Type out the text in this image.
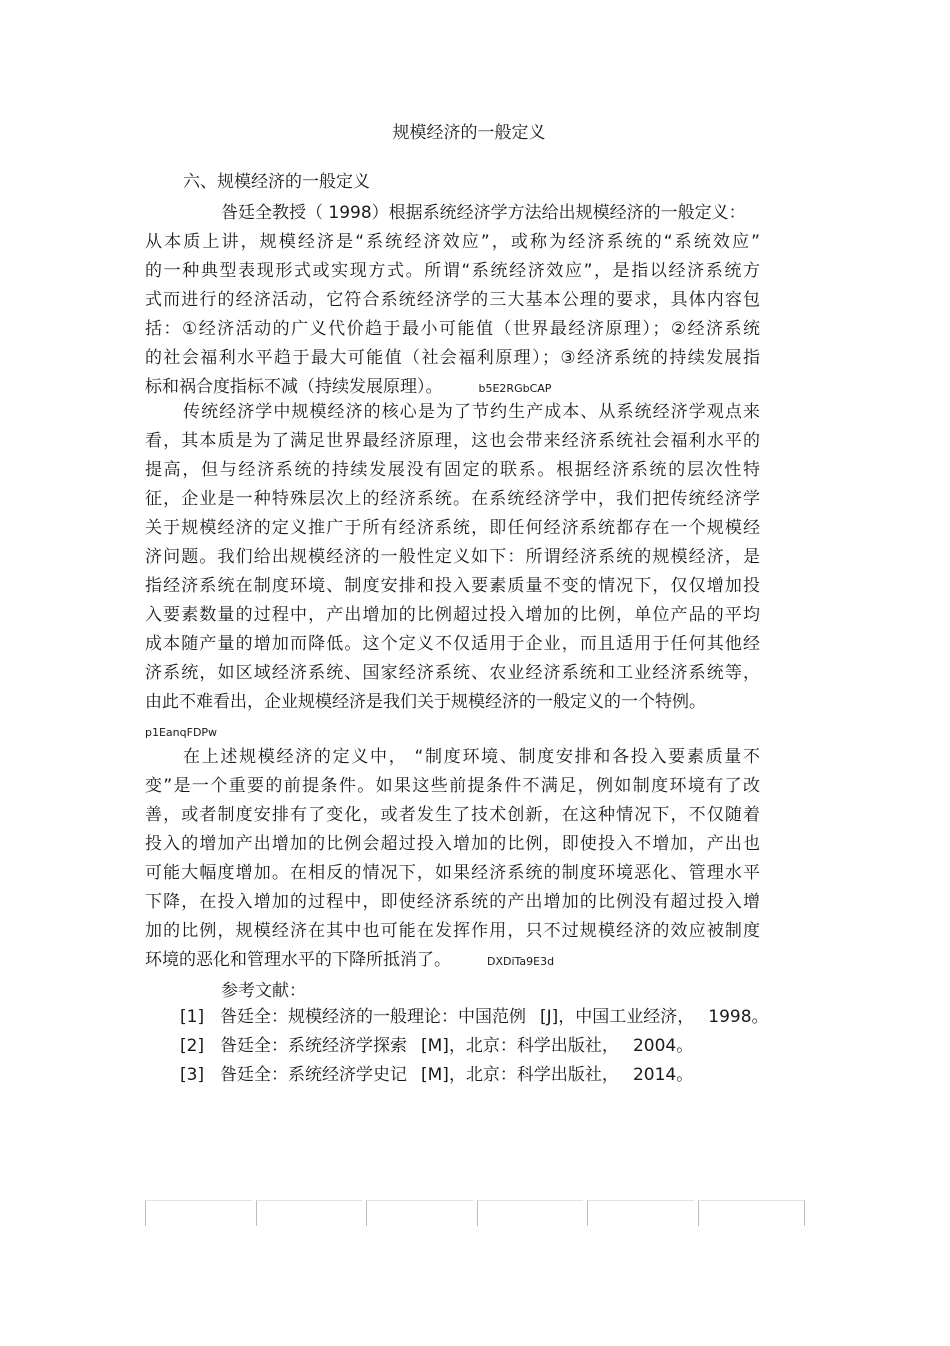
规模经济的一般定义
六、规模经济的一般定义
昝廷全教授（ 1998）根据系统经济学方法给出规模经济的一般定义：
从本质上讲，规模经济是“系统经济效应”，或称为经济系统的“系统效应”
的一种典型表现形式或实现方式。所谓“系统经济效应”，是指以经济系统方
式而进行的经济活动，它符合系统经济学的三大基本公理的要求，具体内容包
括：①经济活动的广义代价趋于最小可能值（世界最经济原理）；②经济系统
的社会福利水平趋于最大可能值（社会福利原理）；③经济系统的持续发展指
标和祸合度指标不减（持续发展原理）。	b5E2RGbCAP
传统经济学中规模经济的核心是为了节约生产成本、从系统经济学观点来
看，其本质是为了满足世界最经济原理，这也会带来经济系统社会福利水平的
提高，但与经济系统的持续发展没有固定的联系。根据经济系统的层次性特
征，企业是一种特殊层次上的经济系统。在系统经济学中，我们把传统经济学
关于规模经济的定义推广于所有经济系统，即任何经济系统都存在一个规模经
济问题。我们给出规模经济的一般性定义如下：所谓经济系统的规模经济，是
指经济系统在制度环境、制度安排和投入要素质量不变的情况下，仅仅增加投
入要素数量的过程中，产出增加的比例超过投入增加的比例，单位产品的平均
成本随产量的增加而降低。这个定义不仅适用于企业，而且适用于任何其他经
济系统，如区域经济系统、国家经济系统、农业经济系统和工业经济系统等，
由此不难看出，企业规模经济是我们关于规模经济的一般定义的一个特例。
p1EanqFDPw
在上述规模经济的定义中， “制度环境、制度安排和各投入要素质量不
变”是一个重要的前提条件。如果这些前提条件不满足，例如制度环境有了改
善，或者制度安排有了变化，或者发生了技术创新，在这种情况下，不仅随着
投入的增加产出增加的比例会超过投入增加的比例，即使投入不增加，产出也
可能大幅度增加。在相反的情况下，如果经济系统的制度环境恶化、管理水平
下降，在投入增加的过程中，即使经济系统的产出增加的比例没有超过投入增
加的比例，规模经济在其中也可能在发挥作用，只不过规模经济的效应被制度
环境的恶化和管理水平的下降所抵消了。	DXDiTa9E3d
参考文献：
[1] 昝廷全：规模经济的一般理论：中国范例 [J]，中国工业经济， 1998。
[2] 昝廷全：系统经济学探索 [M]，北京：科学出版社， 2004。
[3] 昝廷全：系统经济学史记 [M]，北京：科学出版社， 2014。
